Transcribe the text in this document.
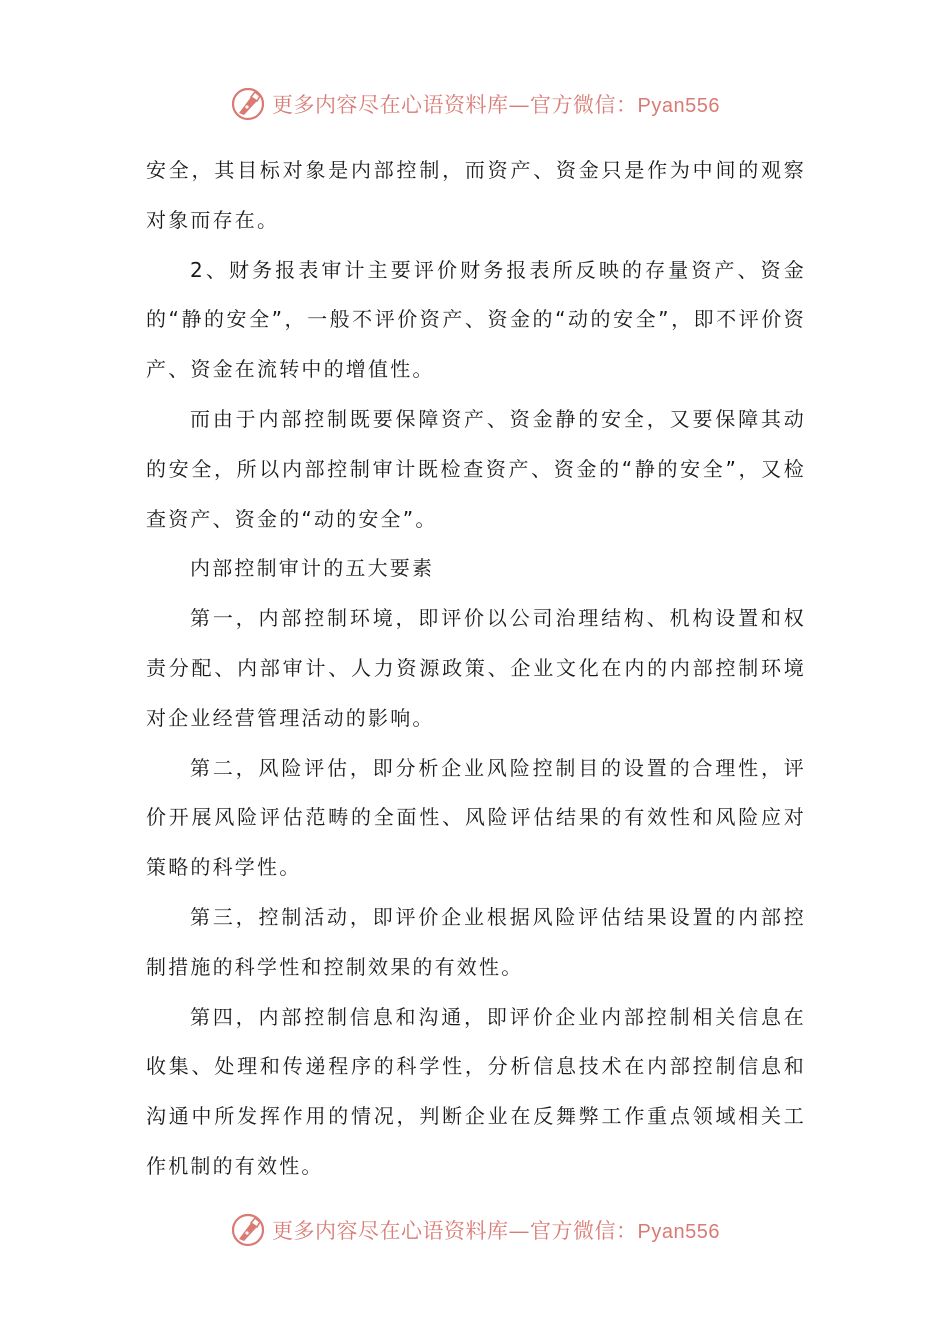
更多内容尽在心语资料库—官方微信：Pyan556

安全，其目标对象是内部控制，而资产、资金只是作为中间的观察对象而存在。

2、财务报表审计主要评价财务报表所反映的存量资产、资金的“静的安全”，一般不评价资产、资金的“动的安全”，即不评价资产、资金在流转中的增值性。

而由于内部控制既要保障资产、资金静的安全，又要保障其动的安全，所以内部控制审计既检查资产、资金的“静的安全”，又检查资产、资金的“动的安全”。

内部控制审计的五大要素

第一，内部控制环境，即评价以公司治理结构、机构设置和权责分配、内部审计、人力资源政策、企业文化在内的内部控制环境对企业经营管理活动的影响。

第二，风险评估，即分析企业风险控制目的设置的合理性，评价开展风险评估范畴的全面性、风险评估结果的有效性和风险应对策略的科学性。

第三，控制活动，即评价企业根据风险评估结果设置的内部控制措施的科学性和控制效果的有效性。

第四，内部控制信息和沟通，即评价企业内部控制相关信息在收集、处理和传递程序的科学性，分析信息技术在内部控制信息和沟通中所发挥作用的情况，判断企业在反舞弊工作重点领域相关工作机制的有效性。

更多内容尽在心语资料库—官方微信：Pyan556
